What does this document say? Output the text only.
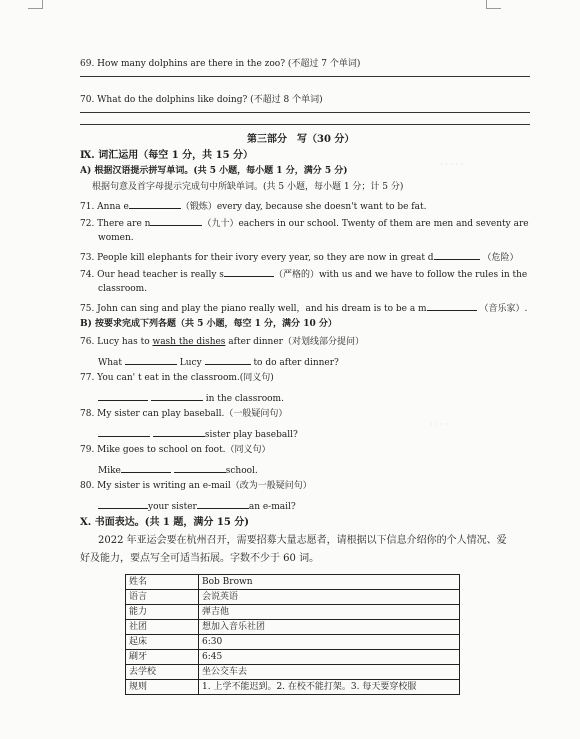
· · · · ·
· · · ·
69. How many dolphins are there in the zoo? (不超过 7 个单词)
70. What do the dolphins like doing? (不超过 8 个单词)
第三部分　写（30 分）
Ⅸ. 词汇运用（每空 1 分，共 15 分）
A) 根据汉语提示拼写单词。(共 5 小题，每小题 1 分，满分 5 分)
根据句意及首字母提示完成句中所缺单词。(共 5 小题，每小题 1 分；计 5 分)
71. Anna e	（锻炼）every day, because she doesn't want to be fat.
72. There are n	（九十）eachers in our school. Twenty of them are men and seventy are
women.
73. People kill elephants for their ivory every year, so they are now in great d	（危险）
74. Our head teacher is really s	（严格的）with us and we have to follow the rules in the
classroom.
75. John can sing and play the piano really well，and his dream is to be a m	（音乐家）.
B) 按要求完成下列各题（共 5 小题，每空 1 分，满分 10 分）
76. Lucy has to wash the dishes after dinner（对划线部分提问）
What	Lucy	to do after dinner?
77. You can' t eat in the classroom.(同义句)
in the classroom.
78. My sister can play baseball.（一般疑问句）
sister play baseball?
79. Mike goes to school on foot.（同义句）
Mike	school.
80. My sister is writing an e-mail（改为一般疑问句）
your sister	an e-mail?
Ⅹ. 书面表达。(共 1 题，满分 15 分)
2022 年亚运会要在杭州召开，需要招募大量志愿者，请根据以下信息介绍你的个人情况、爱
好及能力，要点写全可适当拓展。字数不少于 60 词。
姓名	Bob Brown
语言	会说英语
能力	弹吉他
社团	想加入音乐社团
起床	6:30
刷牙	6:45
去学校	坐公交车去
规则	1. 上学不能迟到。2. 在校不能打架。3. 每天要穿校服
